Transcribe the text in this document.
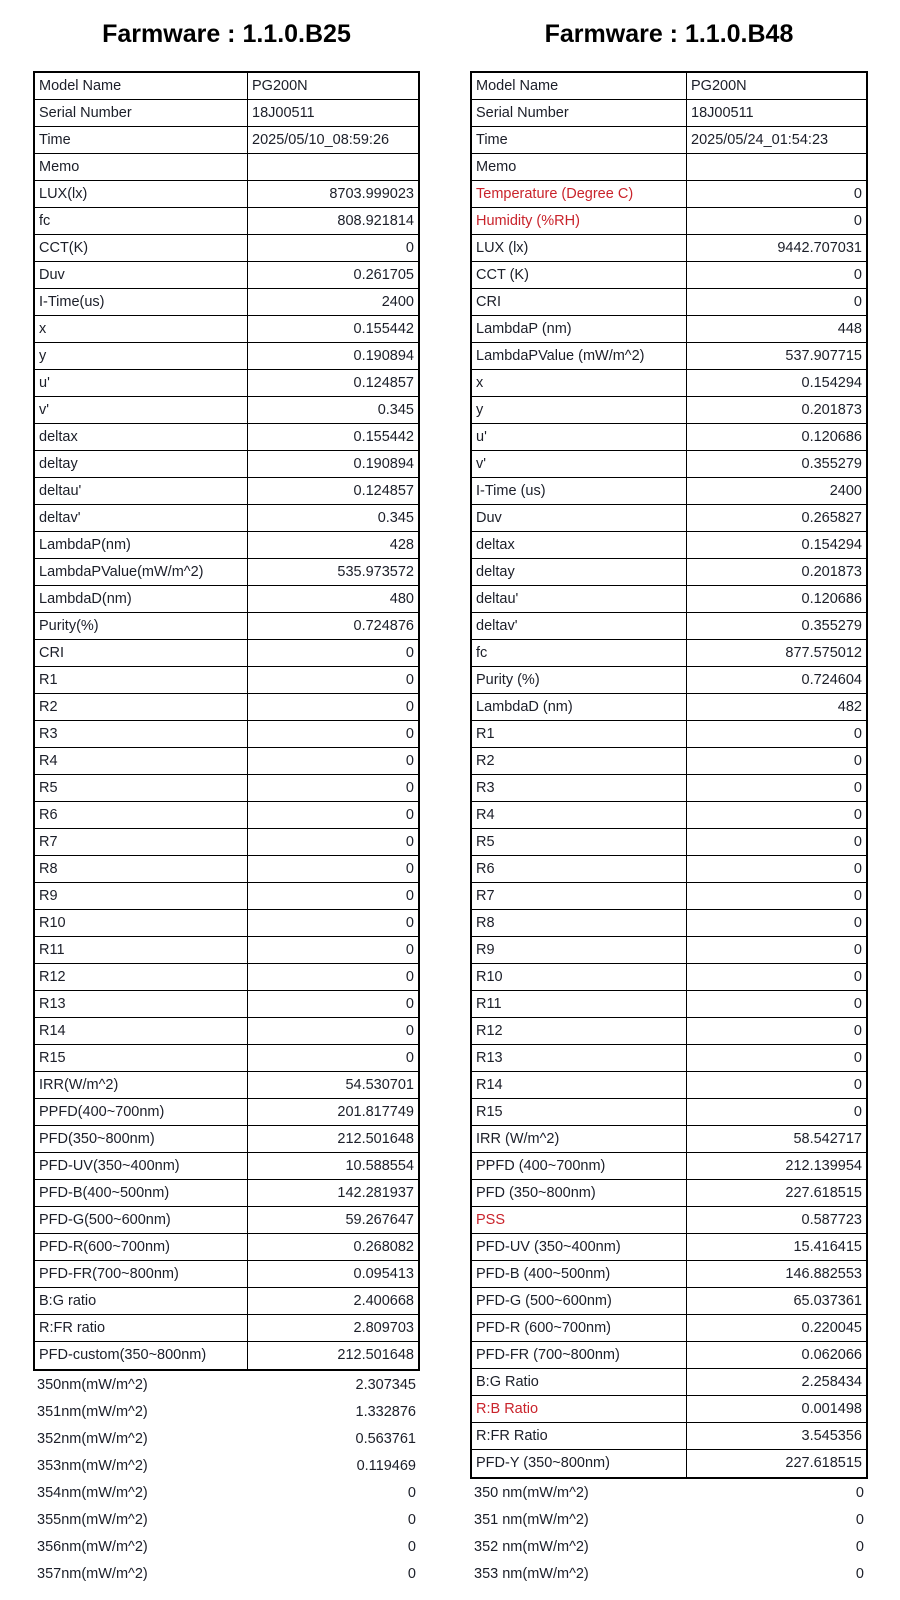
Farmware : 1.1.0.B25
Model Name	PG200N
Serial Number	18J00511
Time	2025/05/10_08:59:26
Memo
LUX(lx)	8703.999023
fc	808.921814
CCT(K)	0
Duv	0.261705
I-Time(us)	2400
x	0.155442
y	0.190894
u'	0.124857
v'	0.345
deltax	0.155442
deltay	0.190894
deltau'	0.124857
deltav'	0.345
LambdaP(nm)	428
LambdaPValue(mW/m^2)	535.973572
LambdaD(nm)	480
Purity(%)	0.724876
CRI	0
R1	0
R2	0
R3	0
R4	0
R5	0
R6	0
R7	0
R8	0
R9	0
R10	0
R11	0
R12	0
R13	0
R14	0
R15	0
IRR(W/m^2)	54.530701
PPFD(400~700nm)	201.817749
PFD(350~800nm)	212.501648
PFD-UV(350~400nm)	10.588554
PFD-B(400~500nm)	142.281937
PFD-G(500~600nm)	59.267647
PFD-R(600~700nm)	0.268082
PFD-FR(700~800nm)	0.095413
B:G ratio	2.400668
R:FR ratio	2.809703
PFD-custom(350~800nm)	212.501648
350nm(mW/m^2)	2.307345
351nm(mW/m^2)	1.332876
352nm(mW/m^2)	0.563761
353nm(mW/m^2)	0.119469
354nm(mW/m^2)	0
355nm(mW/m^2)	0
356nm(mW/m^2)	0
357nm(mW/m^2)	0
Farmware : 1.1.0.B48
Model Name	PG200N
Serial Number	18J00511
Time	2025/05/24_01:54:23
Memo
Temperature (Degree C)	0
Humidity (%RH)	0
LUX (lx)	9442.707031
CCT (K)	0
CRI	0
LambdaP (nm)	448
LambdaPValue (mW/m^2)	537.907715
x	0.154294
y	0.201873
u'	0.120686
v'	0.355279
I-Time (us)	2400
Duv	0.265827
deltax	0.154294
deltay	0.201873
deltau'	0.120686
deltav'	0.355279
fc	877.575012
Purity (%)	0.724604
LambdaD (nm)	482
R1	0
R2	0
R3	0
R4	0
R5	0
R6	0
R7	0
R8	0
R9	0
R10	0
R11	0
R12	0
R13	0
R14	0
R15	0
IRR (W/m^2)	58.542717
PPFD (400~700nm)	212.139954
PFD (350~800nm)	227.618515
PSS	0.587723
PFD-UV (350~400nm)	15.416415
PFD-B (400~500nm)	146.882553
PFD-G (500~600nm)	65.037361
PFD-R (600~700nm)	0.220045
PFD-FR (700~800nm)	0.062066
B:G Ratio	2.258434
R:B Ratio	0.001498
R:FR Ratio	3.545356
PFD-Y (350~800nm)	227.618515
350 nm(mW/m^2)	0
351 nm(mW/m^2)	0
352 nm(mW/m^2)	0
353 nm(mW/m^2)	0
